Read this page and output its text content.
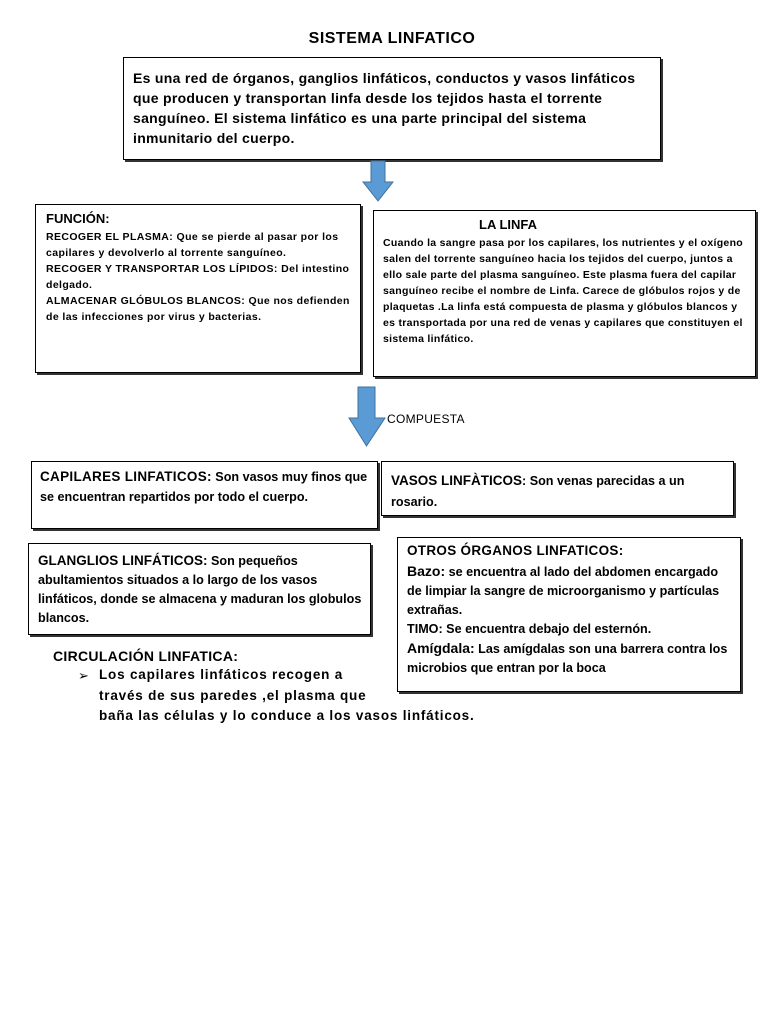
SISTEMA LINFATICO
Es una red de órganos, ganglios linfáticos, conductos y vasos linfáticos que producen y transportan linfa desde los tejidos hasta el torrente sanguíneo. El sistema linfático es una parte principal del sistema inmunitario del cuerpo.
FUNCIÓN:
RECOGER EL PLASMA: Que se pierde al pasar por los capilares y devolverlo al torrente sanguíneo.
RECOGER Y TRANSPORTAR LOS LÍPIDOS: Del intestino delgado.
ALMACENAR GLÓBULOS BLANCOS: Que nos defienden de las infecciones por virus y bacterias.
LA LINFA
Cuando la sangre pasa por los capilares, los nutrientes y el oxígeno salen del torrente sanguíneo hacia los tejidos del cuerpo, juntos a ello sale parte del plasma sanguíneo. Este plasma fuera del capilar sanguíneo recibe el nombre de Linfa. Carece de glóbulos rojos y de plaquetas .La linfa está compuesta de plasma y glóbulos blancos y es transportada por una red de venas y capilares que constituyen el sistema linfático.
COMPUESTA
CAPILARES LINFATICOS: Son vasos muy finos que se encuentran repartidos por todo el cuerpo.
VASOS LINFÀTICOS: Son venas parecidas a un rosario.
GLANGLIOS LINFÁTICOS: Son pequeños abultamientos situados a lo largo de los vasos linfáticos, donde se almacena y maduran los globulos blancos.
OTROS ÓRGANOS LINFATICOS:
Bazo: se encuentra al lado del abdomen encargado de limpiar la sangre de microorganismo y partículas extrañas.
TIMO: Se encuentra debajo del esternón.
Amígdala: Las amígdalas son una barrera contra los microbios que entran por la boca
CIRCULACIÓN LINFATICA:
➢ Los capilares linfáticos recogen a
través de sus paredes ,el plasma que
baña las células y lo conduce a los vasos linfáticos.
